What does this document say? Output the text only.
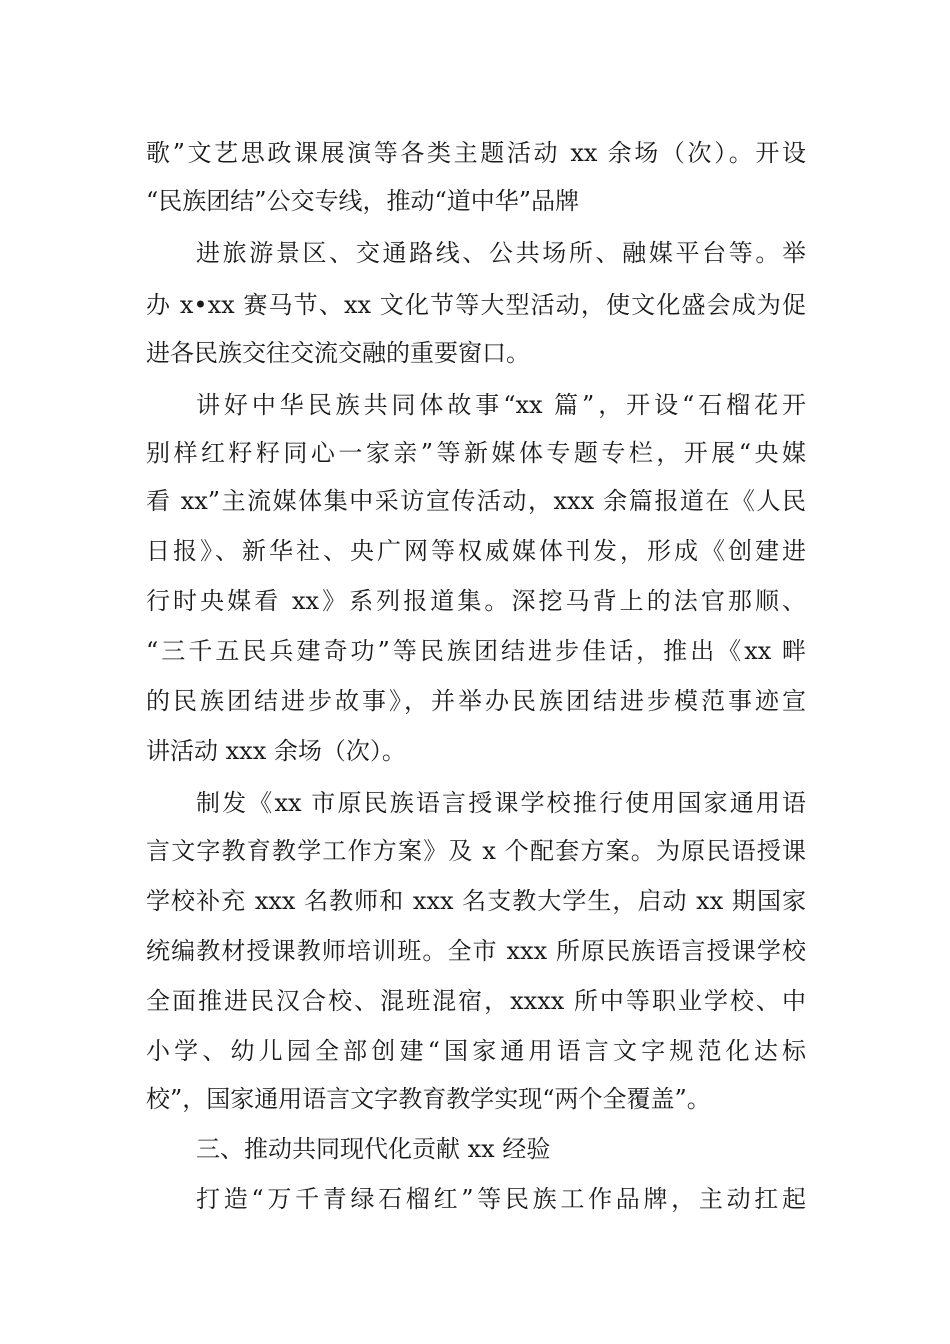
歌”文艺思政课展演等各类主题活动 xx 余场（次）。开设
“民族团结”公交专线，推动“道中华”品牌
进旅游景区、交通路线、公共场所、融媒平台等。举
办 x•xx 赛马节、xx 文化节等大型活动，使文化盛会成为促
进各民族交往交流交融的重要窗口。
讲好中华民族共同体故事“xx 篇”，开设“石榴花开
别样红籽籽同心一家亲”等新媒体专题专栏，开展“央媒
看 xx”主流媒体集中采访宣传活动，xxx 余篇报道在《人民
日报》、新华社、央广网等权威媒体刊发，形成《创建进
行时央媒看 xx》系列报道集。深挖马背上的法官那顺、
“三千五民兵建奇功”等民族团结进步佳话，推出《xx 畔
的民族团结进步故事》，并举办民族团结进步模范事迹宣
讲活动 xxx 余场（次）。
制发《xx 市原民族语言授课学校推行使用国家通用语
言文字教育教学工作方案》及 x 个配套方案。为原民语授课
学校补充 xxx 名教师和 xxx 名支教大学生，启动 xx 期国家
统编教材授课教师培训班。全市 xxx 所原民族语言授课学校
全面推进民汉合校、混班混宿，xxxx 所中等职业学校、中
小学、幼儿园全部创建“国家通用语言文字规范化达标
校”，国家通用语言文字教育教学实现“两个全覆盖”。
三、推动共同现代化贡献 xx 经验
打造“万千青绿石榴红”等民族工作品牌，主动扛起
